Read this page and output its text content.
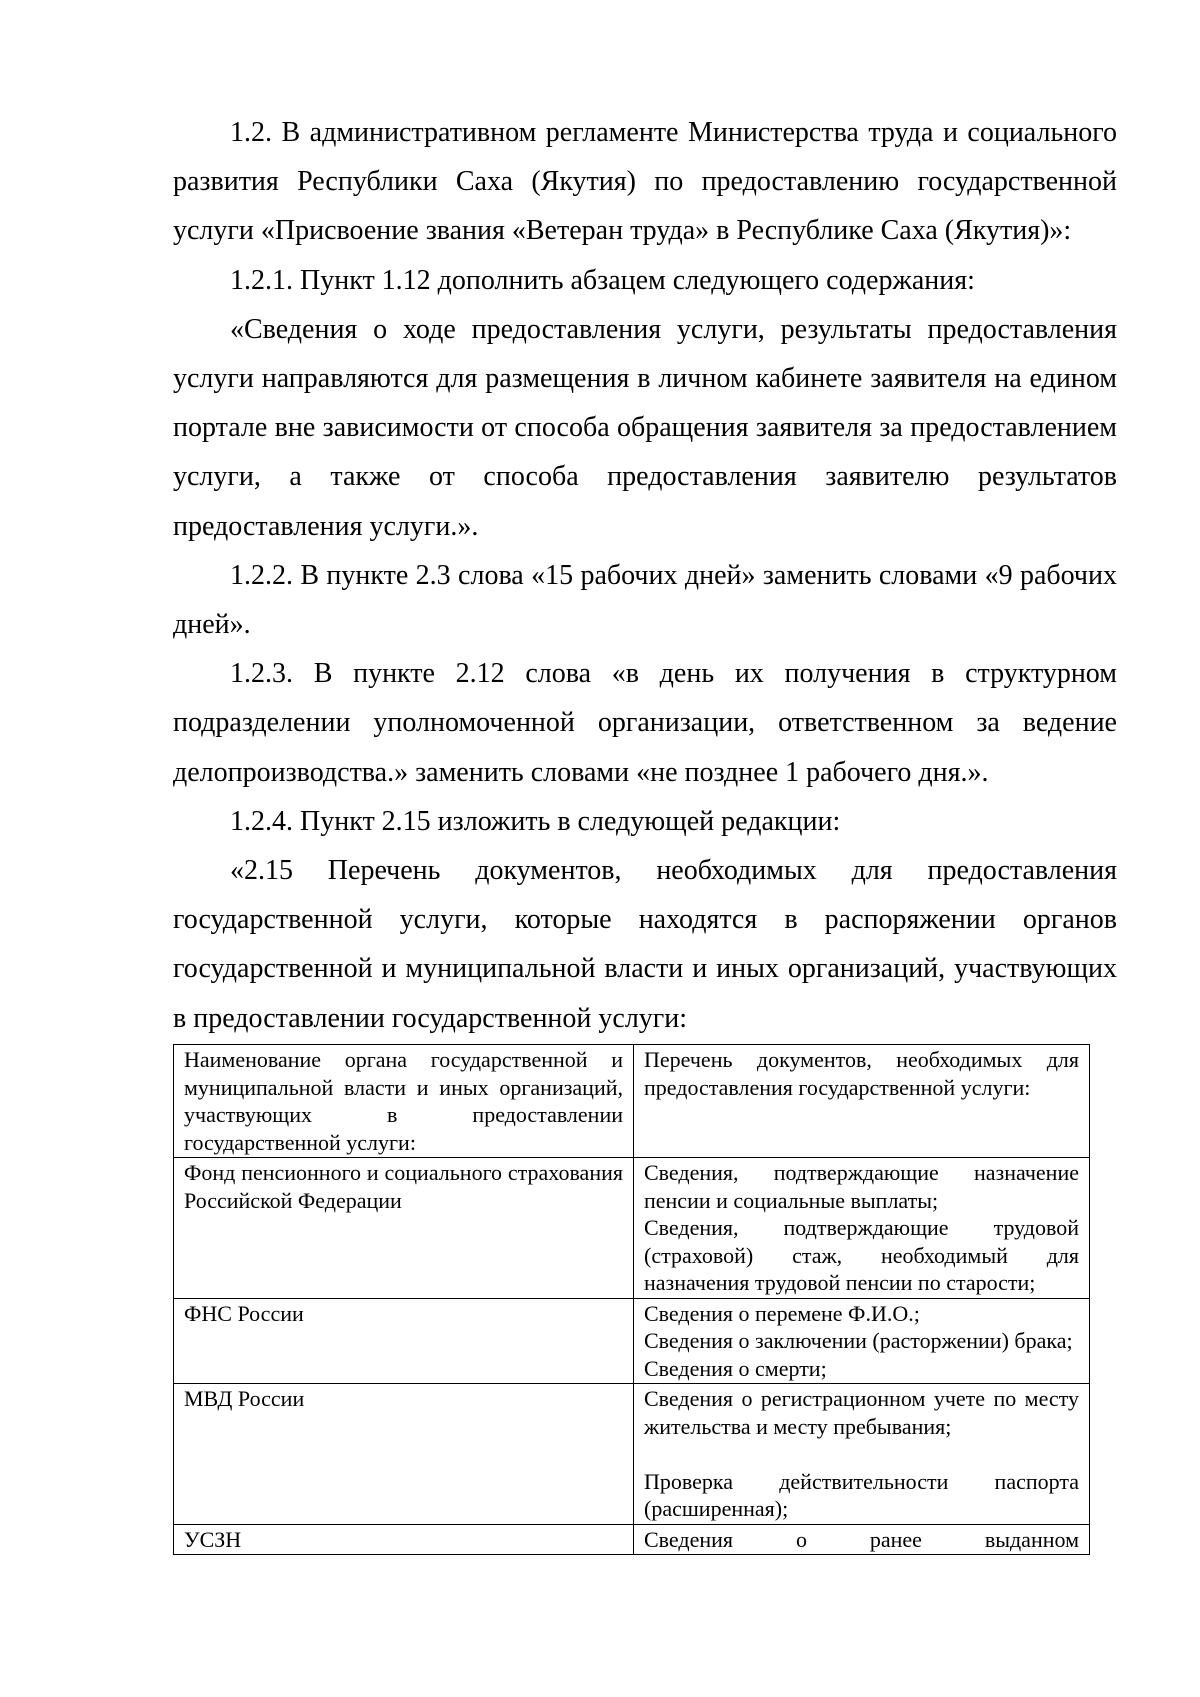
1.2. В административном регламенте Министерства труда и социального развития Республики Саха (Якутия) по предоставлению государственной услуги «Присвоение звания «Ветеран труда» в Республике Саха (Якутия)»:

1.2.1. Пункт 1.12 дополнить абзацем следующего содержания:

«Сведения о ходе предоставления услуги, результаты предоставления услуги направляются для размещения в личном кабинете заявителя на едином портале вне зависимости от способа обращения заявителя за предоставлением услуги, а также от способа предоставления заявителю результатов предоставления услуги.».

1.2.2. В пункте 2.3 слова «15 рабочих дней» заменить словами «9 рабочих дней».

1.2.3. В пункте 2.12 слова «в день их получения в структурном подразделении уполномоченной организации, ответственном за ведение делопроизводства.» заменить словами «не позднее 1 рабочего дня.».

1.2.4. Пункт 2.15 изложить в следующей редакции:

«2.15 Перечень документов, необходимых для предоставления государственной услуги, которые находятся в распоряжении органов государственной и муниципальной власти и иных организаций, участвующих в предоставлении государственной услуги:

Наименование органа государственной и муниципальной власти и иных организаций, участвующих в предоставлении государственной услуги:	Перечень документов, необходимых для предоставления государственной услуги:
Фонд пенсионного и социального страхования Российской Федерации	Сведения, подтверждающие назначение пенсии и социальные выплаты;
Сведения, подтверждающие трудовой (страховой) стаж, необходимый для назначения трудовой пенсии по старости;

ФНС России	Сведения о перемене Ф.И.О.;
Сведения о заключении (расторжении) брака;
Сведения о смерти;

МВД России	Сведения о регистрационном учете по месту жительства и месту пребывания;
Проверка действительности паспорта (расширенная);

УСЗН	Сведения о ранее выданном
